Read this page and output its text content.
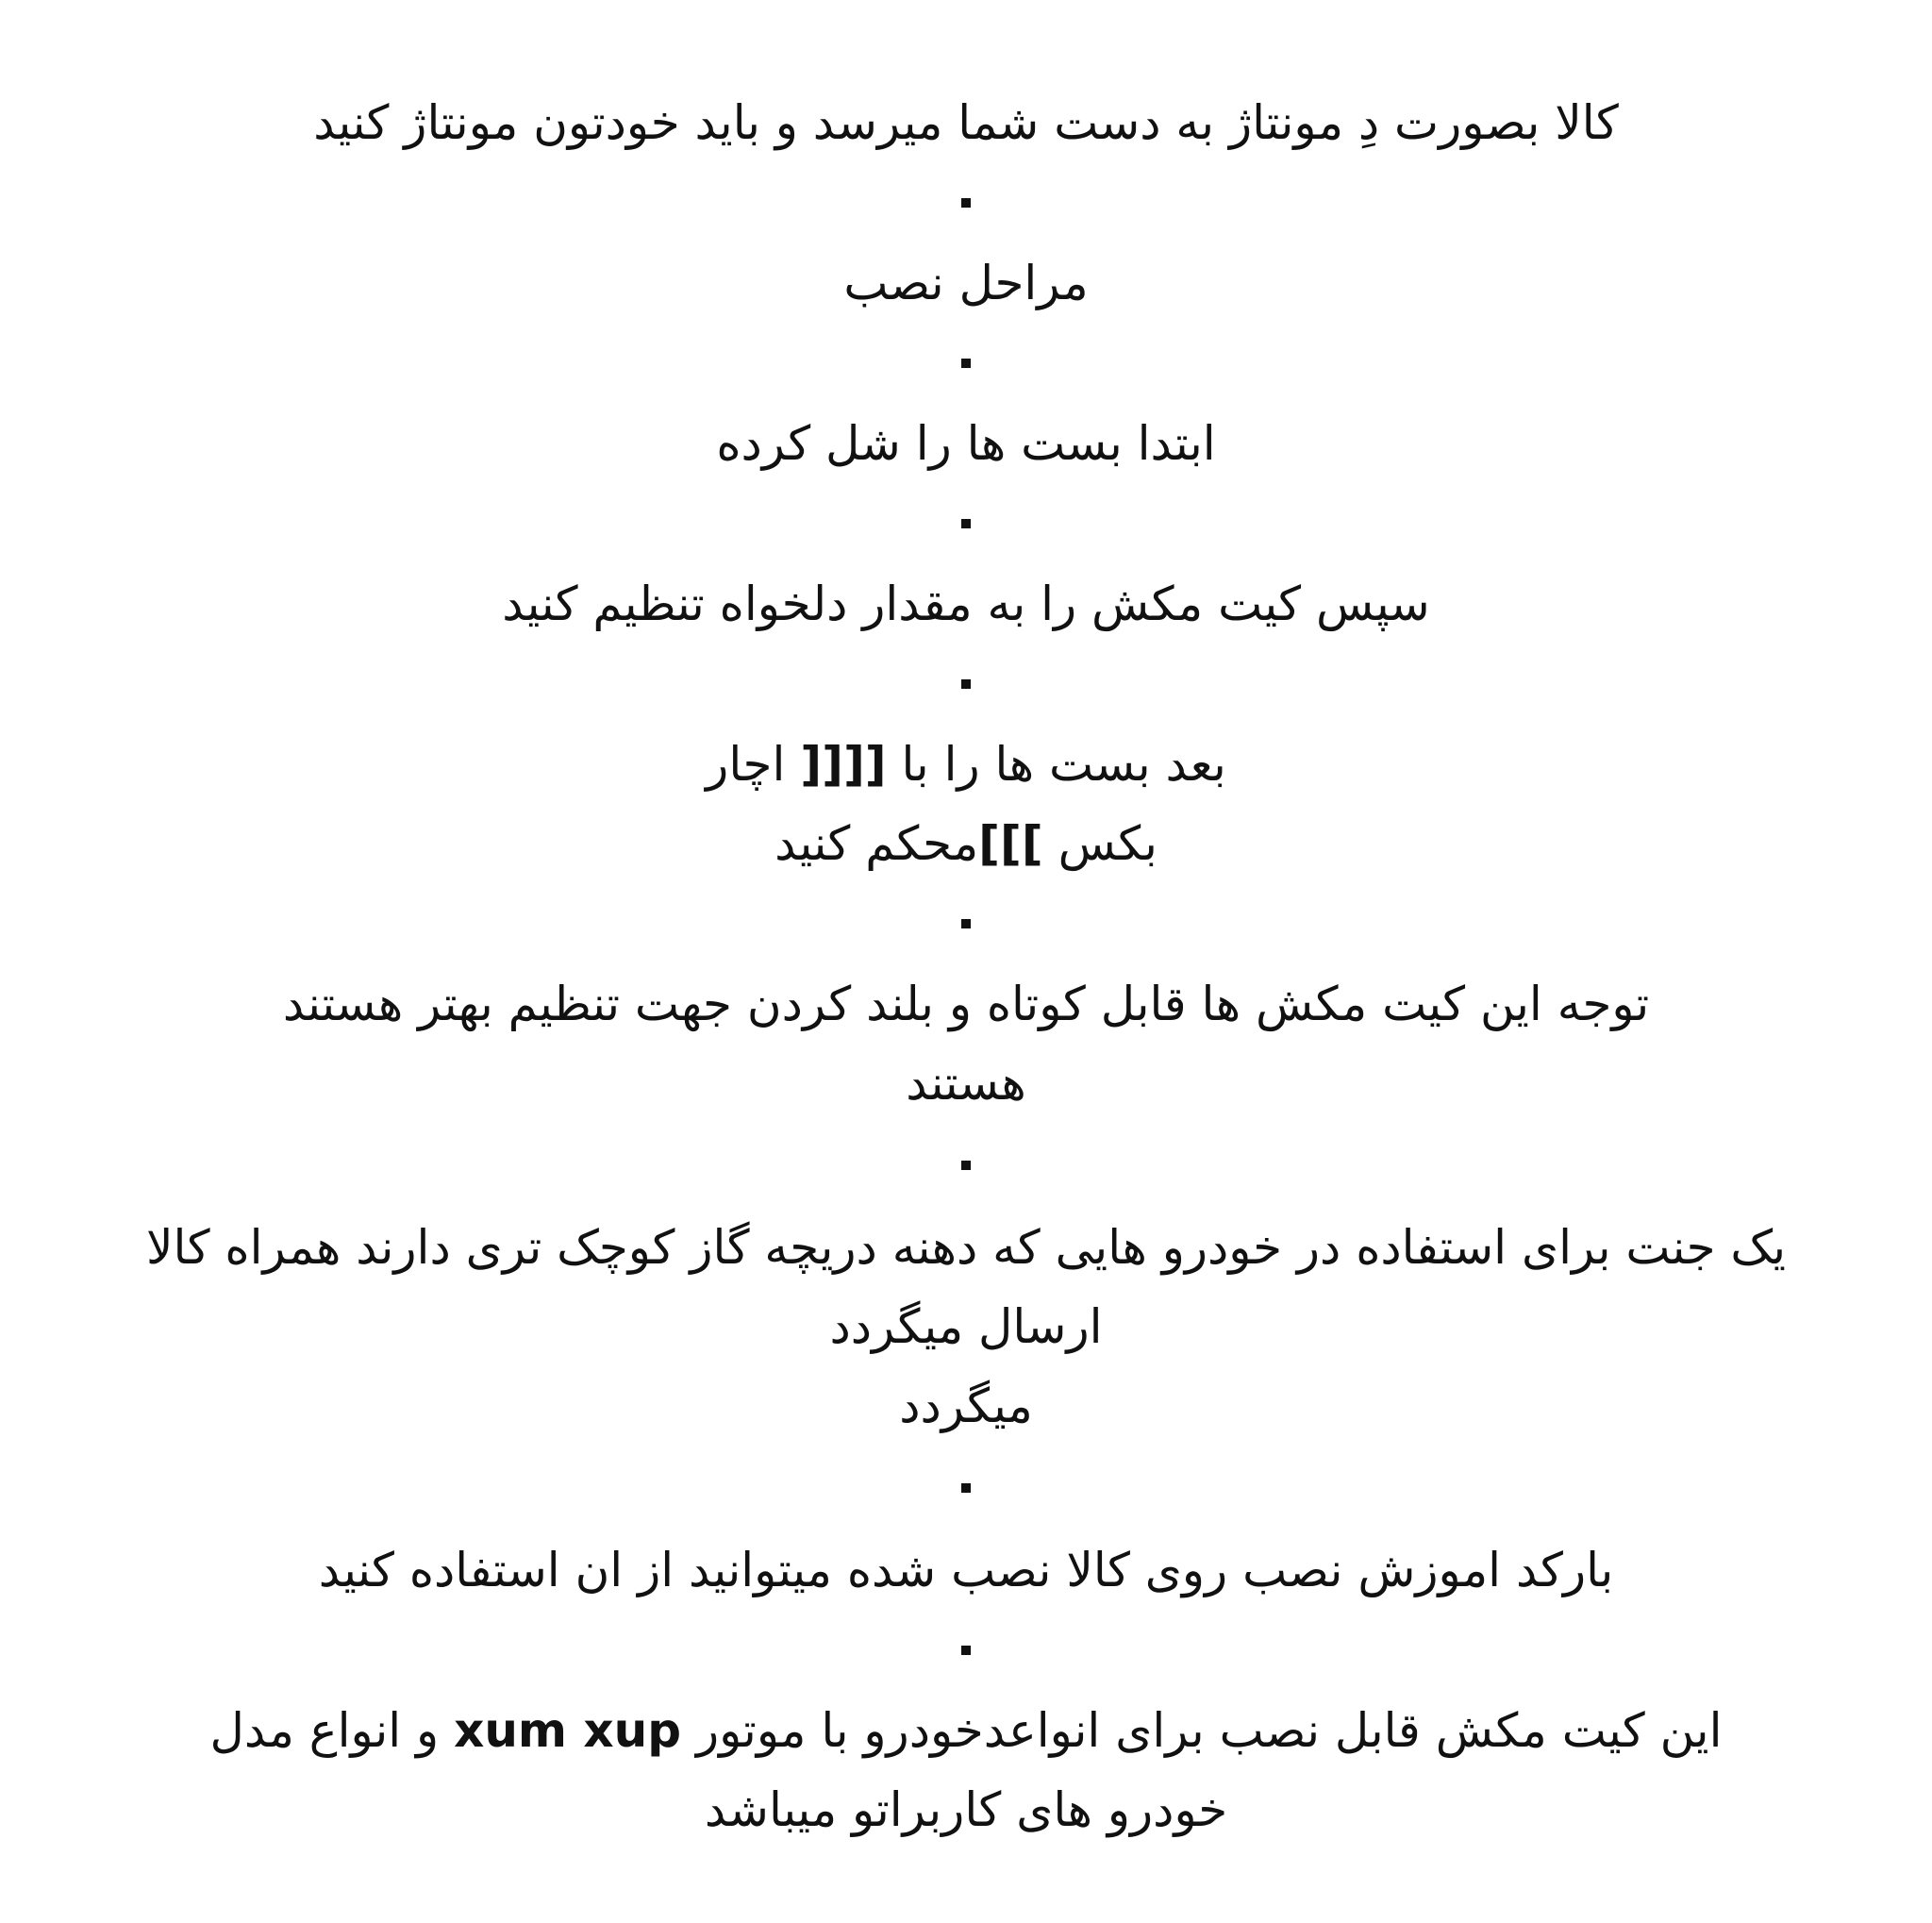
کالا بصورت دِ مونتاژ به دست شما میرسد و باید خودتون مونتاژ کنید

مراحل نصب

ابتدا بست ها را شل کرده

سپس کیت مکش را به مقدار دلخواه تنظیم کنید

بعد بست ها را با [[[[ اچار

بکس ]]]محکم کنید

توجه این کیت مکش ها قابل کوتاه و بلند کردن جهت تنظیم بهتر هستند

هستند

یک جنت برای استفاده در خودرو هایی که دهنه دریچه گاز کوچک تری دارند همراه کالا

ارسال میگردد

میگردد

بارکد اموزش نصب روی کالا نصب شده میتوانید از ان استفاده کنید

این کیت مکش قابل نصب برای انواعدخودرو با موتور xum xup و انواع مدل

خودرو های کاربراتو میباشد
